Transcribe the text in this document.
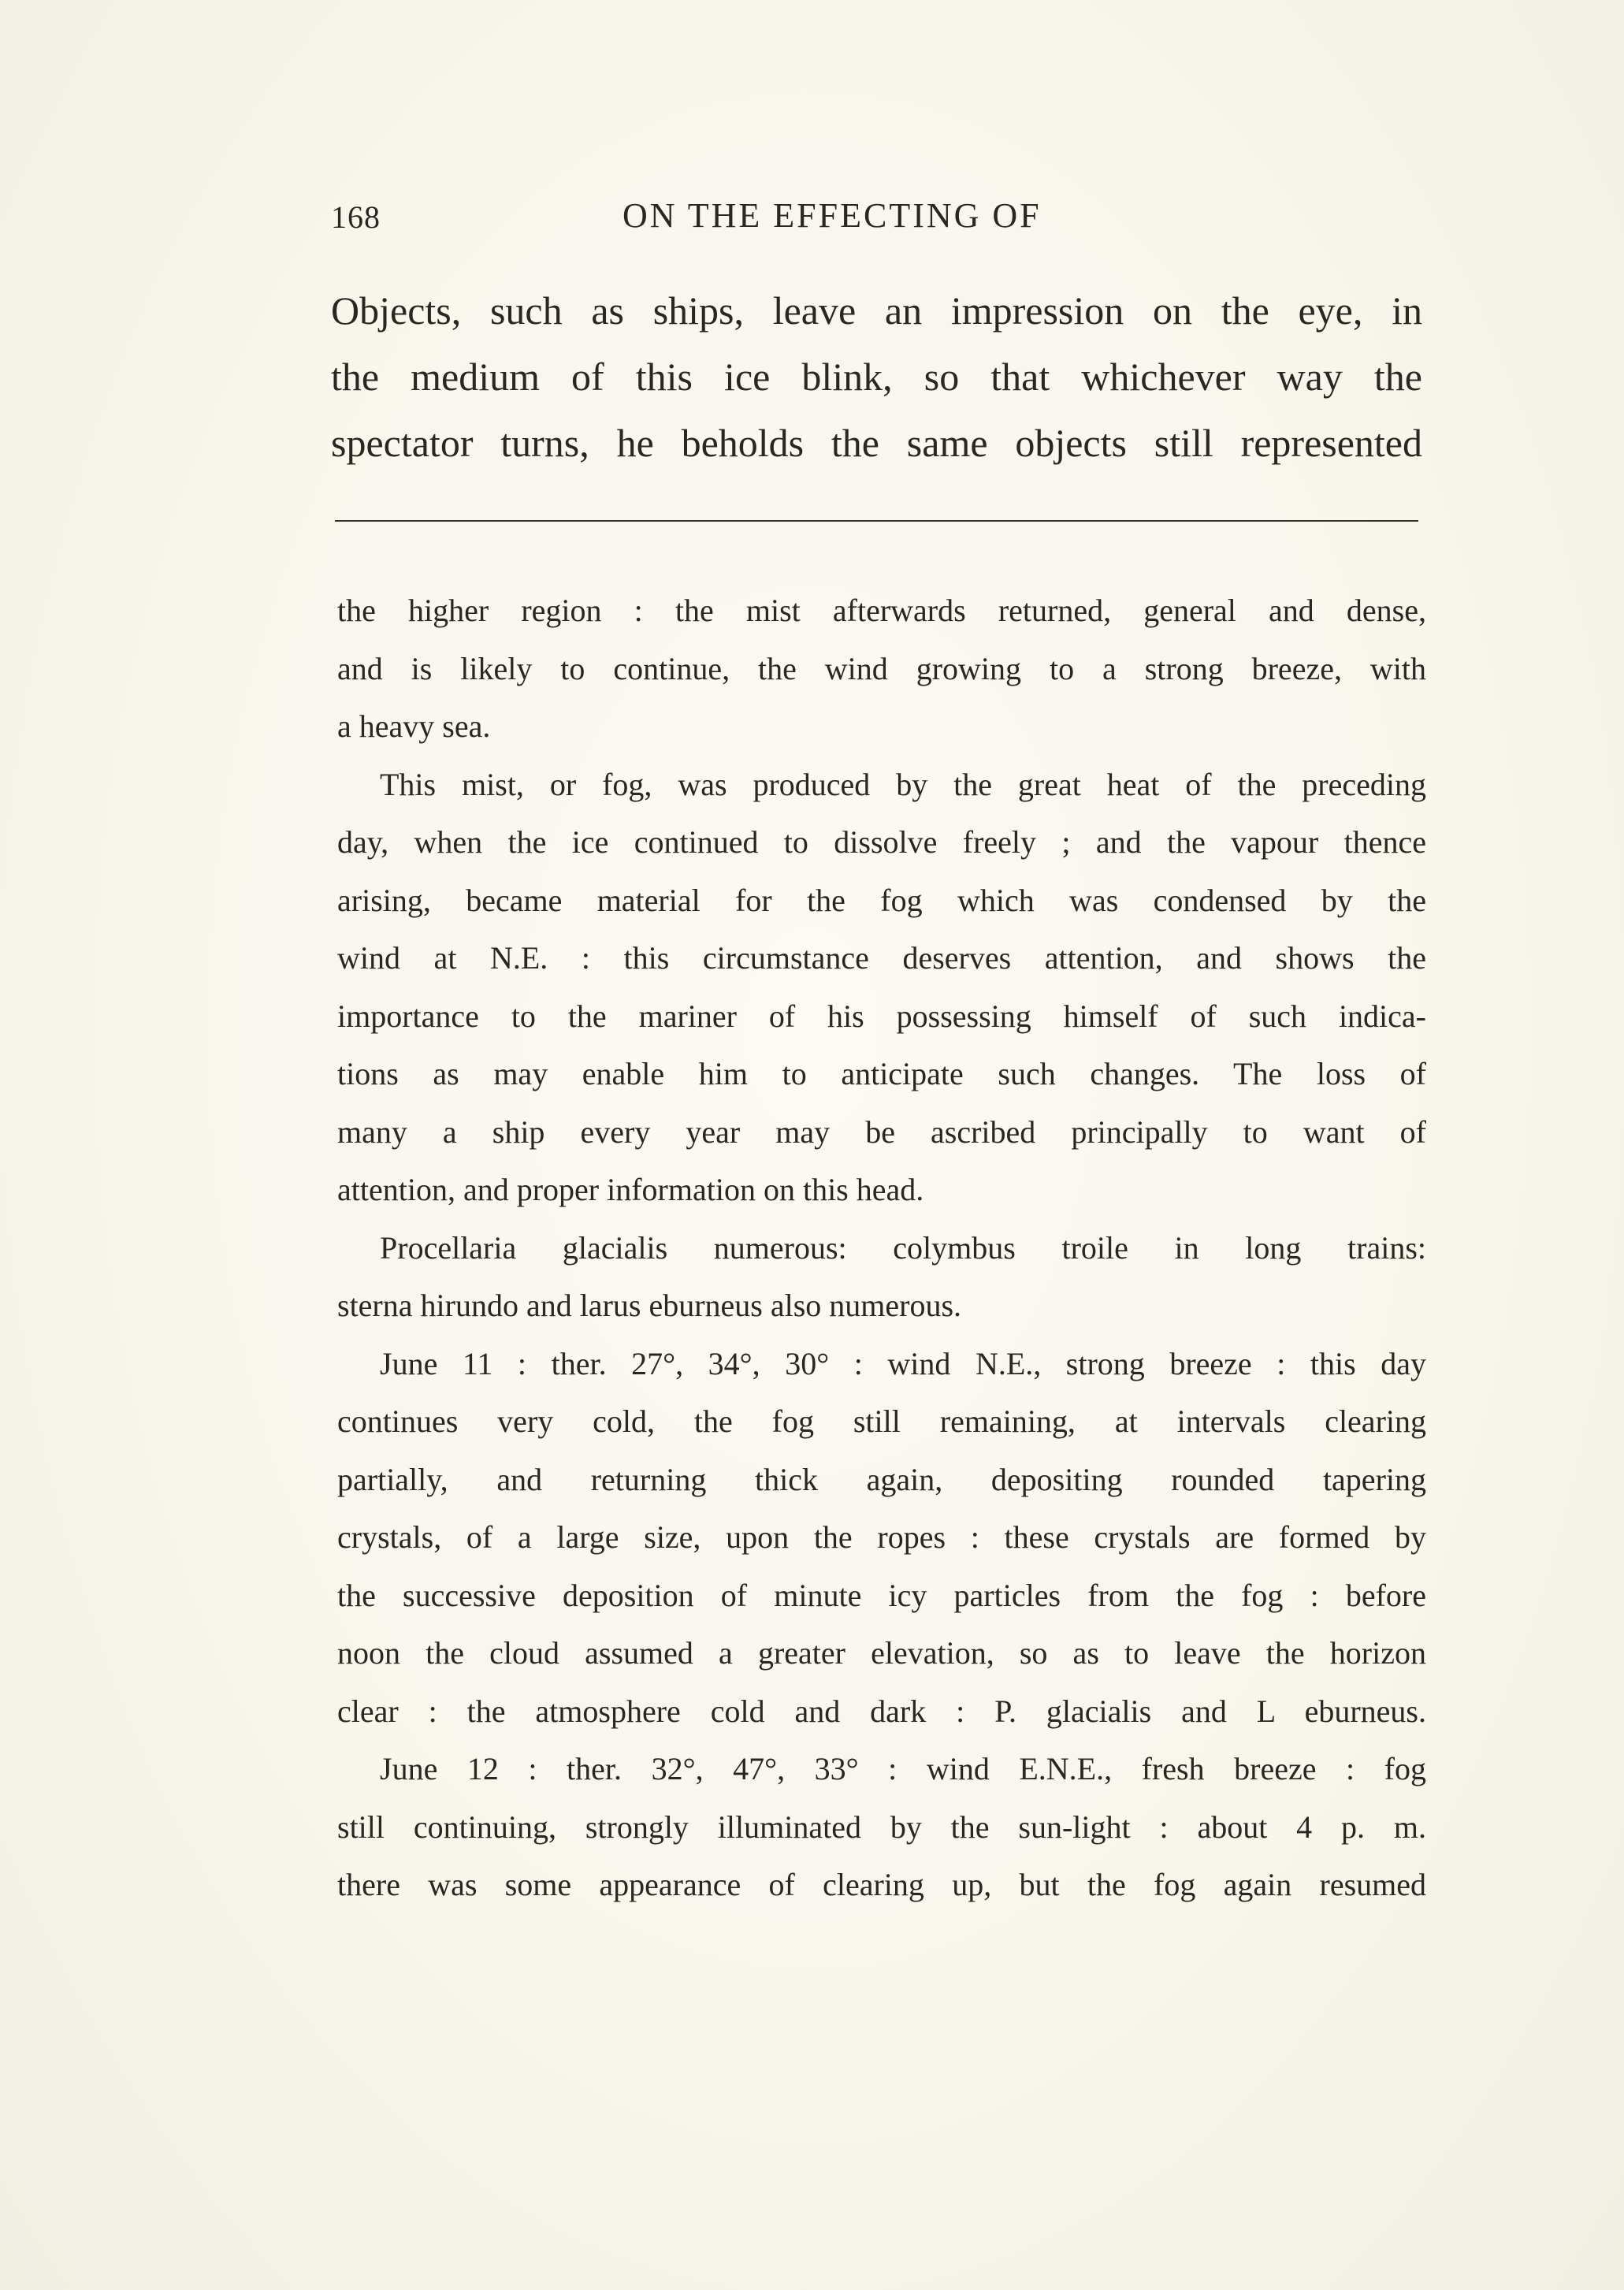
168	ON THE EFFECTING OF
Objects, such as ships, leave an impression on the eye, in
the medium of this ice blink, so that whichever way the
spectator turns, he beholds the same objects still represented
the higher region : the mist afterwards returned, general and dense,
and is likely to continue, the wind growing to a strong breeze, with
a heavy sea.
This mist, or fog, was produced by the great heat of the preceding
day, when the ice continued to dissolve freely ; and the vapour thence
arising, became material for the fog which was condensed by the
wind at N.E. : this circumstance deserves attention, and shows the
importance to the mariner of his possessing himself of such indica-
tions as may enable him to anticipate such changes. The loss of
many a ship every year may be ascribed principally to want of
attention, and proper information on this head.
Procellaria glacialis numerous: colymbus troile in long trains:
sterna hirundo and larus eburneus also numerous.
June 11 : ther. 27°, 34°, 30° : wind N.E., strong breeze : this day
continues very cold, the fog still remaining, at intervals clearing
partially, and returning thick again, depositing rounded tapering
crystals, of a large size, upon the ropes : these crystals are formed by
the successive deposition of minute icy particles from the fog : before
noon the cloud assumed a greater elevation, so as to leave the horizon
clear : the atmosphere cold and dark : P. glacialis and L eburneus.
June 12 : ther. 32°, 47°, 33° : wind E.N.E., fresh breeze : fog
still continuing, strongly illuminated by the sun-light : about 4 p. m.
there was some appearance of clearing up, but the fog again resumed
